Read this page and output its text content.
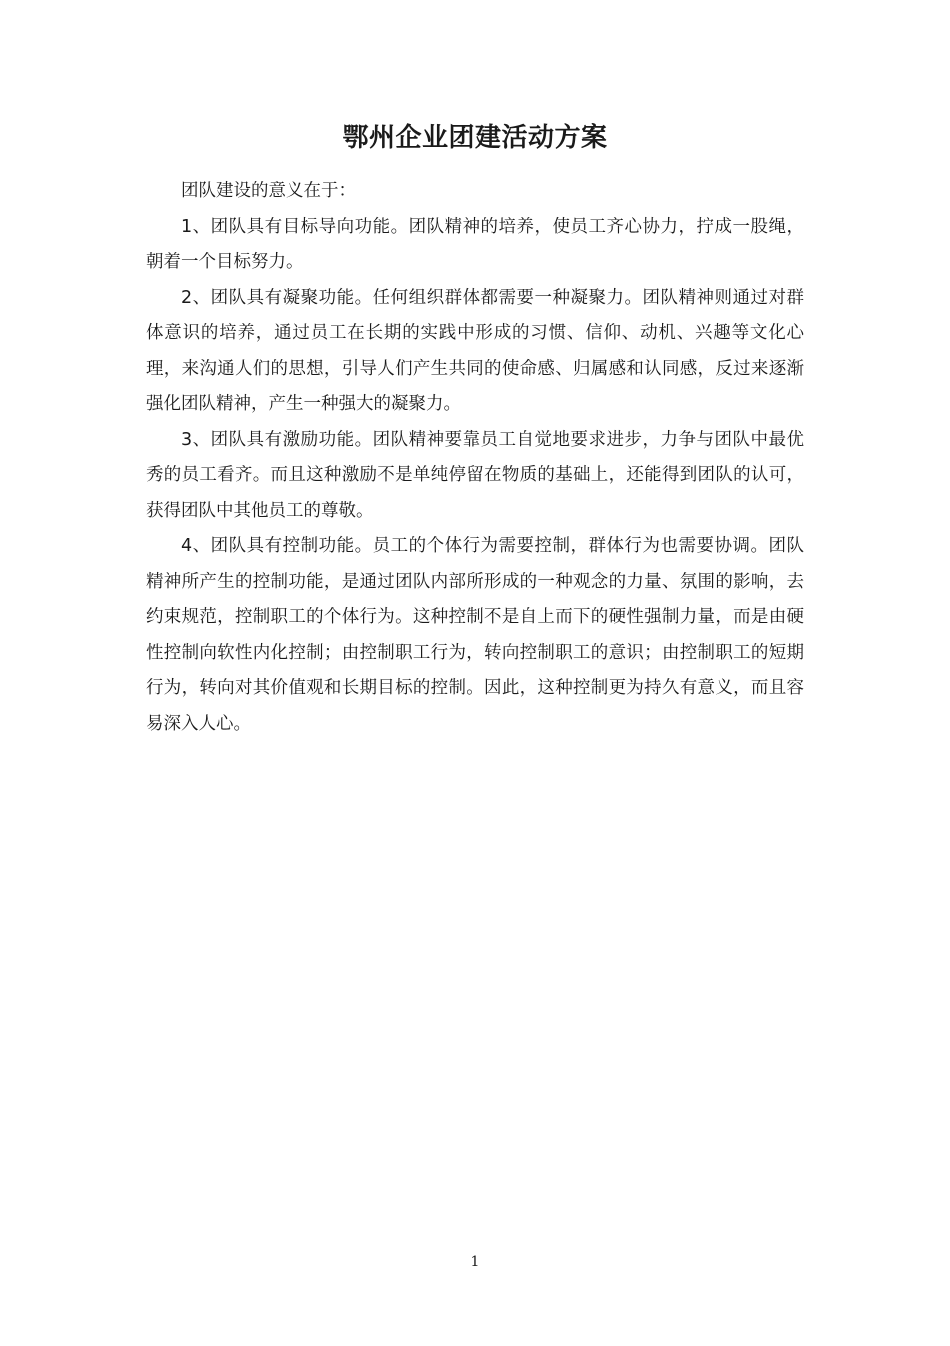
鄂州企业团建活动方案

团队建设的意义在于：

1、团队具有目标导向功能。团队精神的培养，使员工齐心协力，拧成一股绳，朝着一个目标努力。

2、团队具有凝聚功能。任何组织群体都需要一种凝聚力。团队精神则通过对群体意识的培养，通过员工在长期的实践中形成的习惯、信仰、动机、兴趣等文化心理，来沟通人们的思想，引导人们产生共同的使命感、归属感和认同感，反过来逐渐强化团队精神，产生一种强大的凝聚力。

3、团队具有激励功能。团队精神要靠员工自觉地要求进步，力争与团队中最优秀的员工看齐。而且这种激励不是单纯停留在物质的基础上，还能得到团队的认可，获得团队中其他员工的尊敬。

4、团队具有控制功能。员工的个体行为需要控制，群体行为也需要协调。团队精神所产生的控制功能，是通过团队内部所形成的一种观念的力量、氛围的影响，去约束规范，控制职工的个体行为。这种控制不是自上而下的硬性强制力量，而是由硬性控制向软性内化控制；由控制职工行为，转向控制职工的意识；由控制职工的短期行为，转向对其价值观和长期目标的控制。因此，这种控制更为持久有意义，而且容易深入人心。

1
